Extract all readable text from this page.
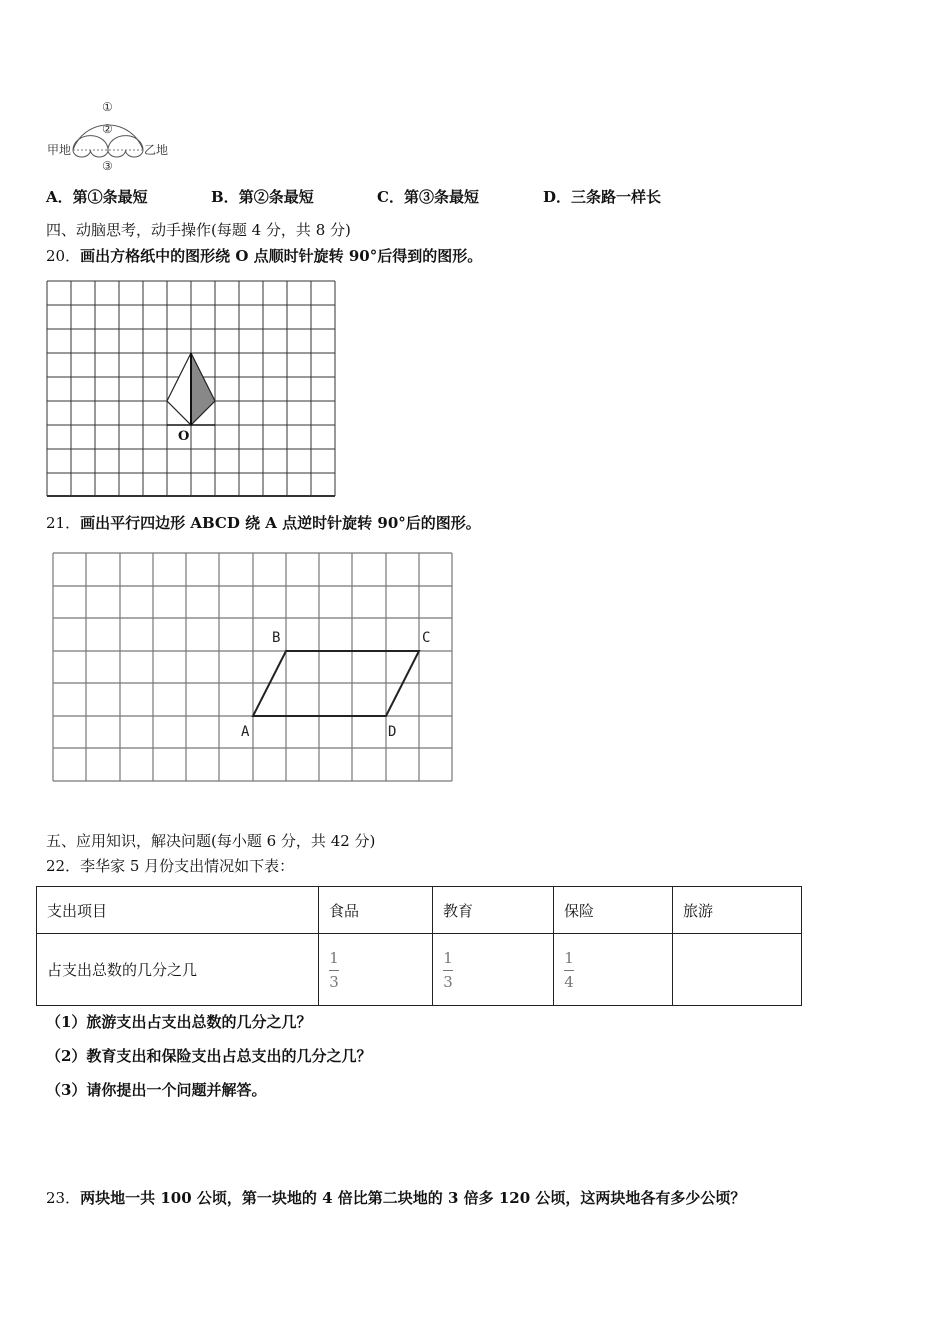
①
②
③
甲地	乙地
A．第①条最短	B．第②条最短	C．第③条最短	D．三条路一样长
四、动脑思考，动手操作(每题 4 分，共 8 分)
20．画出方格纸中的图形绕 O 点顺时针旋转 90°后得到的图形。
O
21．画出平行四边形 ABCD 绕 A 点逆时针旋转 90°后的图形。
A
B	C
D
五、应用知识，解决问题(每小题 6 分，共 42 分)
22．李华家 5 月份支出情况如下表：
支出项目	食品	教育	保险	旅游
占支出总数的几分之几	$\frac{1}{3}$	$\frac{1}{3}$	$\frac{1}{4}$

（1）旅游支出占支出总数的几分之几？
（2）教育支出和保险支出占总支出的几分之几？
（3）请你提出一个问题并解答。
23．两块地一共 100 公顷，第一块地的 4 倍比第二块地的 3 倍多 120 公顷，这两块地各有多少公顷？
